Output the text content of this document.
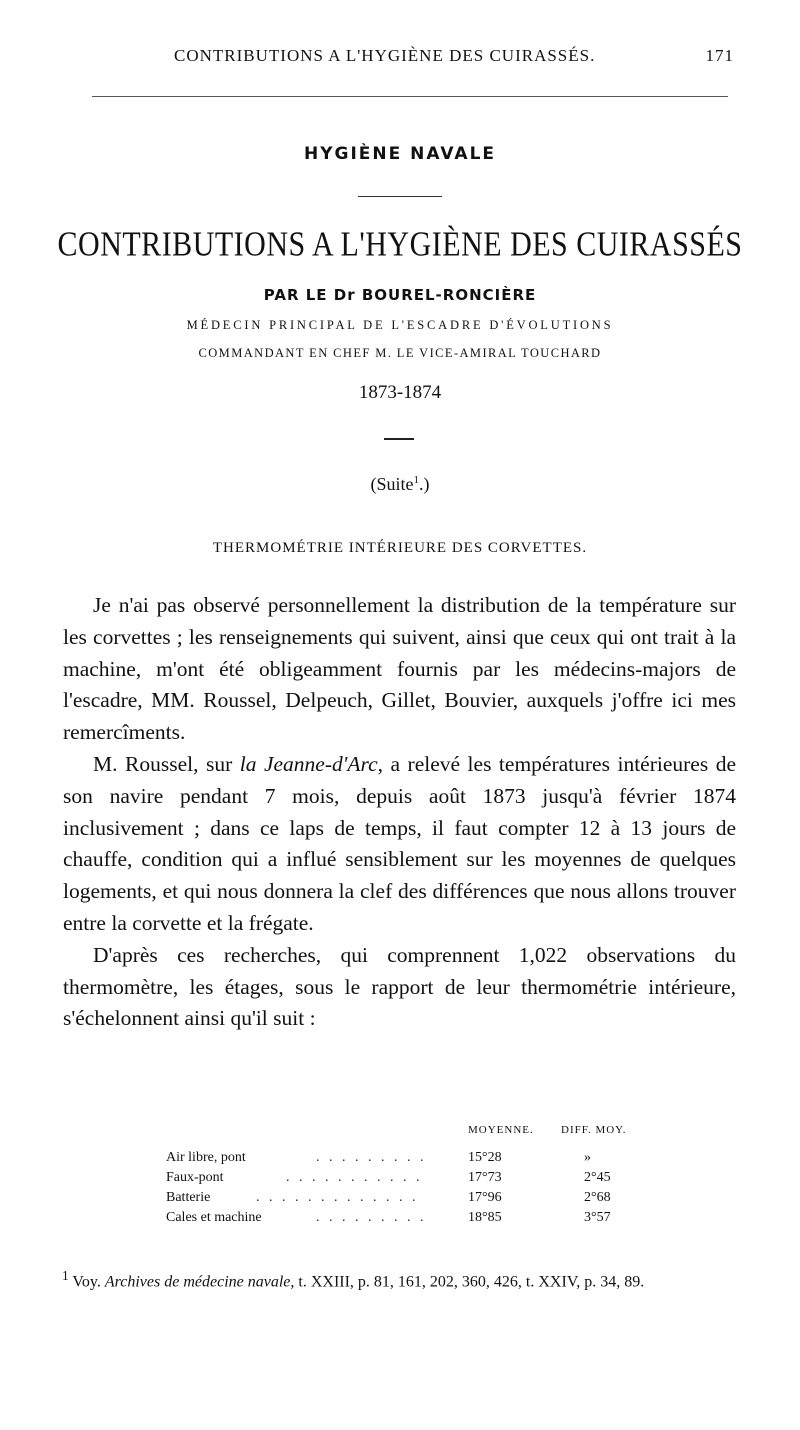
CONTRIBUTIONS A L'HYGIÈNE DES CUIRASSÉS.	171
HYGIÈNE NAVALE
CONTRIBUTIONS A L'HYGIÈNE DES CUIRASSÉS
PAR LE Dr BOUREL-RONCIÈRE
MÉDECIN PRINCIPAL DE L'ESCADRE D'ÉVOLUTIONS
COMMANDANT EN CHEF M. LE VICE-AMIRAL TOUCHARD
1873-1874
(Suite$^1$.)
THERMOMÉTRIE INTÉRIEURE DES CORVETTES.

Je n'ai pas observé personnellement la distribution de la température sur les corvettes ; les renseignements qui suivent, ainsi que ceux qui ont trait à la machine, m'ont été obligeamment fournis par les médecins-majors de l'escadre, MM. Roussel, Delpeuch, Gillet, Bouvier, auxquels j'offre ici mes remercîments.

M. Roussel, sur la Jeanne-d'Arc, a relevé les températures intérieures de son navire pendant 7 mois, depuis août 1873 jusqu'à février 1874 inclusivement ; dans ce laps de temps, il faut compter 12 à 13 jours de chauffe, condition qui a influé sensiblement sur les moyennes de quelques logements, et qui nous donnera la clef des différences que nous allons trouver entre la corvette et la frégate.

D'après ces recherches, qui comprennent 1,022 observations du thermomètre, les étages, sous le rapport de leur thermométrie intérieure, s'échelonnent ainsi qu'il suit :

MOYENNE. DIFF. MOY.
Air libre, pont	. . . . . . . . .	15°28	»
Faux-pont	. . . . . . . . . . .	17°73	2°45
Batterie	. . . . . . . . . . . . .	17°96	2°68
Cales et machine	. . . . . . . . .	18°85	3°57
$^1$ Voy. Archives de médecine navale, t. XXIII, p. 81, 161, 202, 360, 426, t. XXIV, p. 34, 89.
